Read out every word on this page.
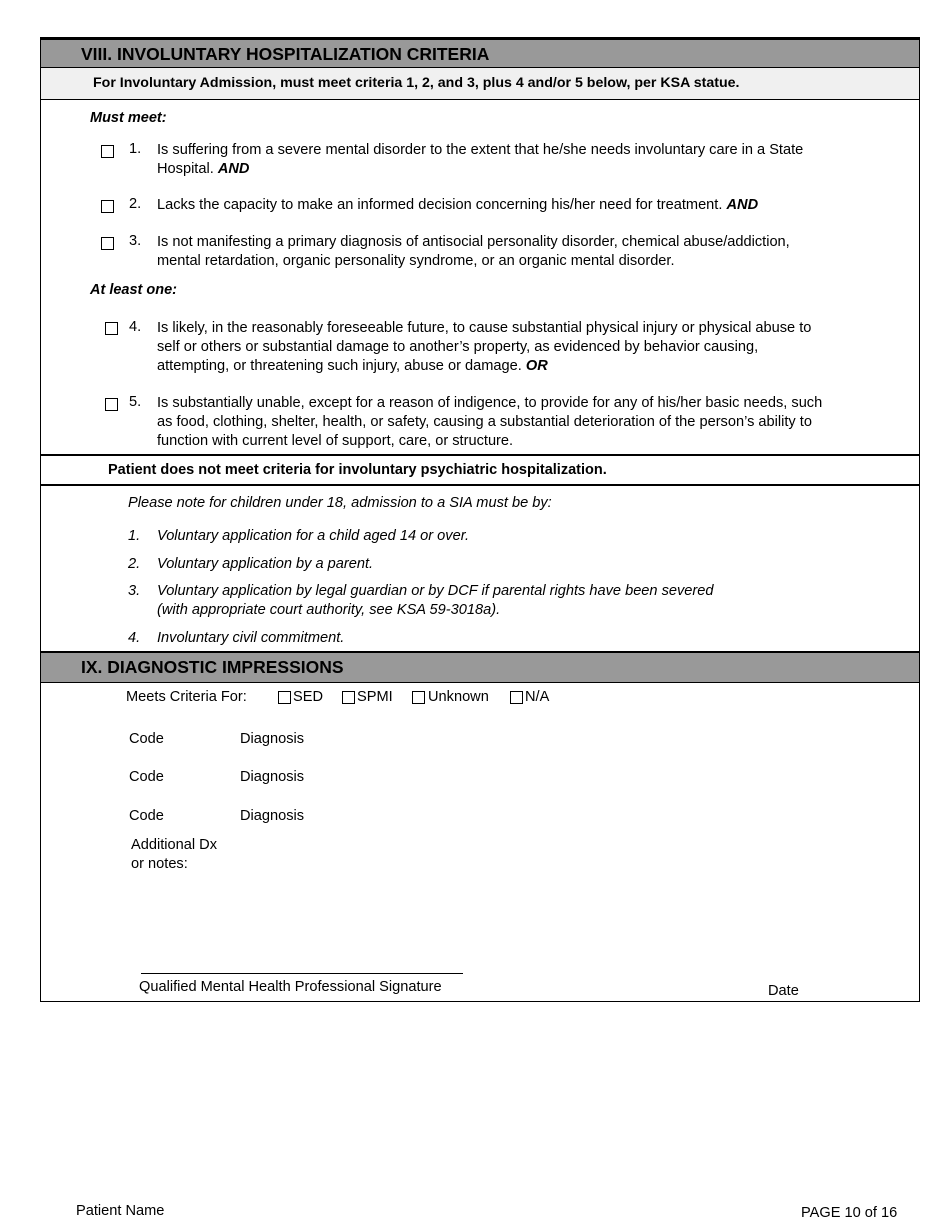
VIII. INVOLUNTARY HOSPITALIZATION CRITERIA
For Involuntary Admission, must meet criteria 1, 2, and 3, plus 4 and/or 5 below, per KSA statue.
Must meet:
1. Is suffering from a severe mental disorder to the extent that he/she needs involuntary care in a State
Hospital. AND
2. Lacks the capacity to make an informed decision concerning his/her need for treatment. AND
3. Is not manifesting a primary diagnosis of antisocial personality disorder, chemical abuse/addiction,
mental retardation, organic personality syndrome, or an organic mental disorder.
At least one:
4. Is likely, in the reasonably foreseeable future, to cause substantial physical injury or physical abuse to
self or others or substantial damage to another’s property, as evidenced by behavior causing,
attempting, or threatening such injury, abuse or damage. OR
5. Is substantially unable, except for a reason of indigence, to provide for any of his/her basic needs, such
as food, clothing, shelter, health, or safety, causing a substantial deterioration of the person’s ability to
function with current level of support, care, or structure.
Patient does not meet criteria for involuntary psychiatric hospitalization.
Please note for children under 18, admission to a SIA must be by:
1. Voluntary application for a child aged 14 or over.
2. Voluntary application by a parent.
3. Voluntary application by legal guardian or by DCF if parental rights have been severed
(with appropriate court authority, see KSA 59-3018a).
4. Involuntary civil commitment.
IX. DIAGNOSTIC IMPRESSIONS
Meets Criteria For:	SED SPMI Unknown N/A
Code	Diagnosis
Code	Diagnosis
Code	Diagnosis
Additional Dx
or notes:
Qualified Mental Health Professional Signature	Date
Patient Name	PAGE 10 of 16
